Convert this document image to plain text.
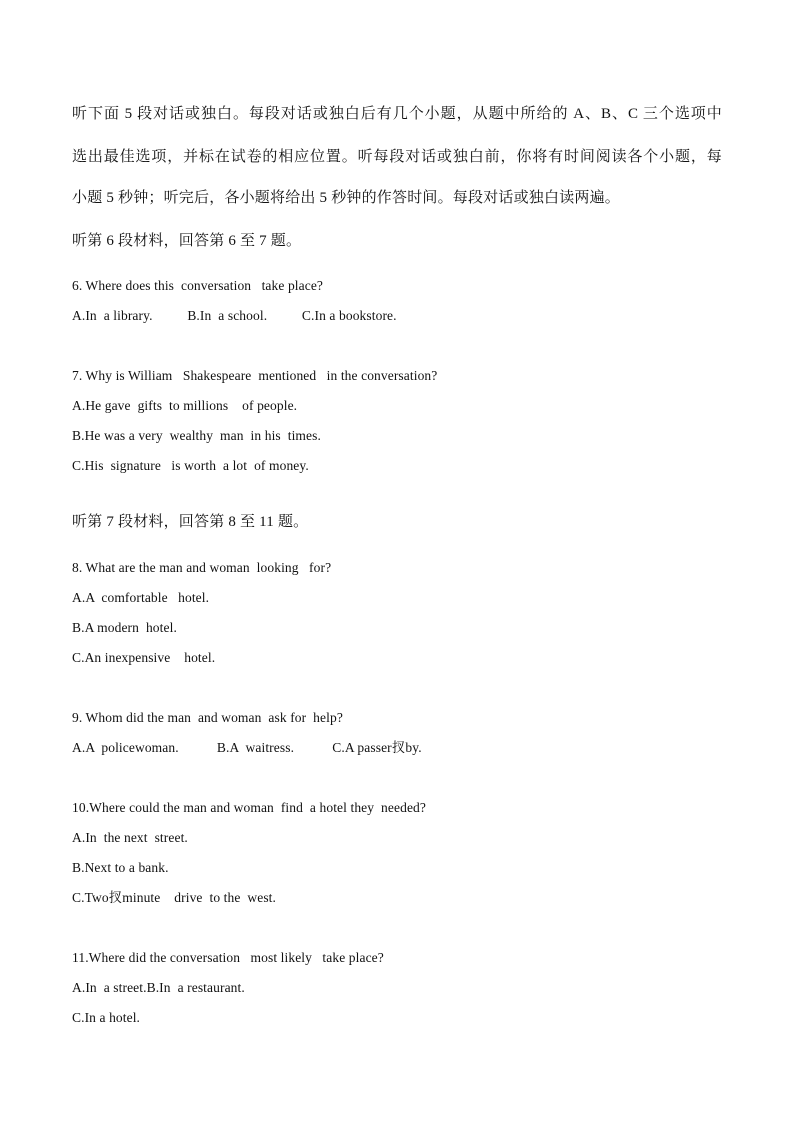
听下面 5 段对话或独白。每段对话或独白后有几个小题，从题中所给的 A、B、C 三个选项中
选出最佳选项，并标在试卷的相应位置。听每段对话或独白前，你将有时间阅读各个小题，每
小题 5 秒钟；听完后，各小题将给出 5 秒钟的作答时间。每段对话或独白读两遍。
听第 6 段材料，回答第 6 至 7 题。
6. Where does this  conversation   take place?
A.In  a library.          B.In  a school.          C.In a bookstore.
7. Why is William   Shakespeare  mentioned   in the conversation?
A.He gave  gifts  to millions    of people.
B.He was a very  wealthy  man  in his  times.
C.His  signature   is worth  a lot  of money.
听第 7 段材料，回答第 8 至 11 题。
8. What are the man and woman  looking   for?
A.A  comfortable   hotel.
B.A modern  hotel.
C.An inexpensive    hotel.
9. Whom did the man  and woman  ask for  help?
A.A  policewoman.           B.A  waitress.           C.A passer扠by.
10.Where could the man and woman  find  a hotel they  needed?
A.In  the next  street.
B.Next to a bank.
C.Two扠minute    drive  to the  west.
11.Where did the conversation   most likely   take place?
A.In  a street.B.In  a restaurant.
C.In a hotel.
